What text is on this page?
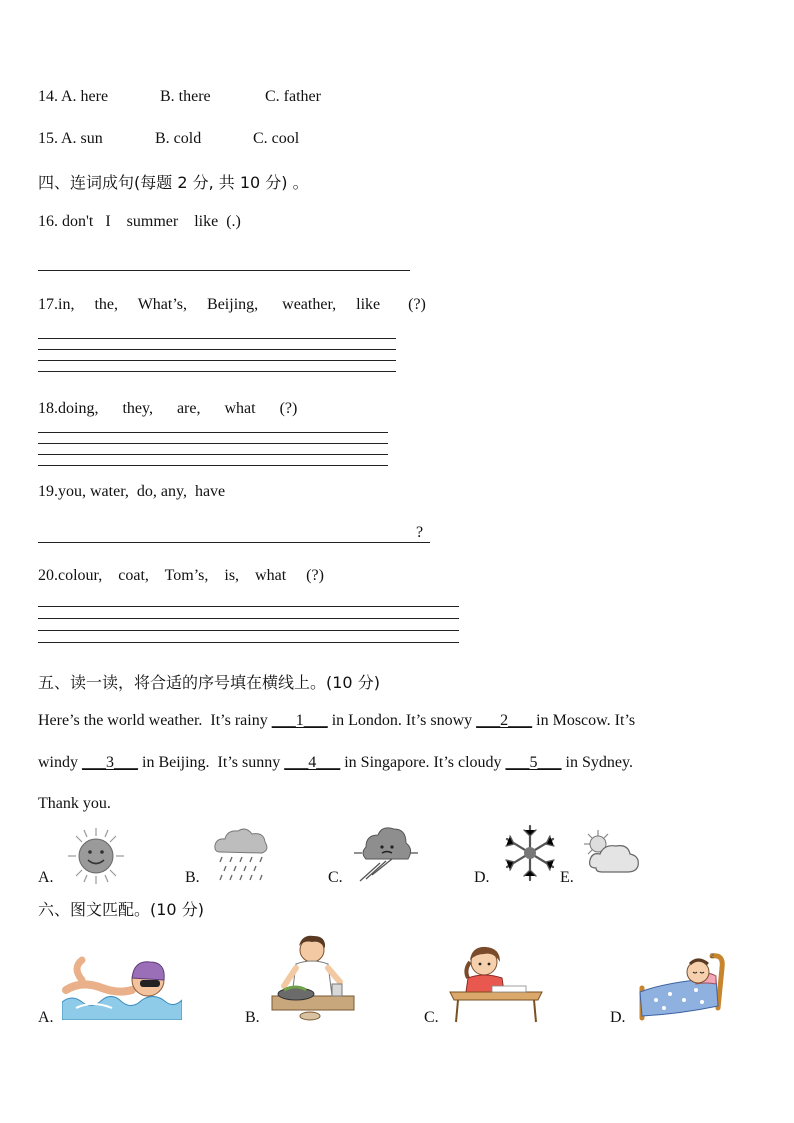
14. A. here	B. there	C. father
15. A. sun	B. cold	C. cool
四、连词成句(每题 2 分, 共 10 分) 。
16. don't   I    summer    like  (.)
17.in,     the,     What’s,     Beijing,      weather,     like       (?)
18.doing,      they,      are,      what      (?)
19.you, water,  do, any,  have
?
20.colour,    coat,    Tom’s,    is,    what     (?)
五、读一读，将合适的序号填在横线上。(10 分)
Here’s the world weather.  It’s rainy ___1___ in London. It’s snowy ___2___ in Moscow. It’s
windy ___3___ in Beijing.  It’s sunny ___4___ in Singapore. It’s cloudy ___5___ in Sydney.
Thank you.
A.	B.	C.	D.	E.
六、图文匹配。(10 分)
A.	B.	C.	D.
z
